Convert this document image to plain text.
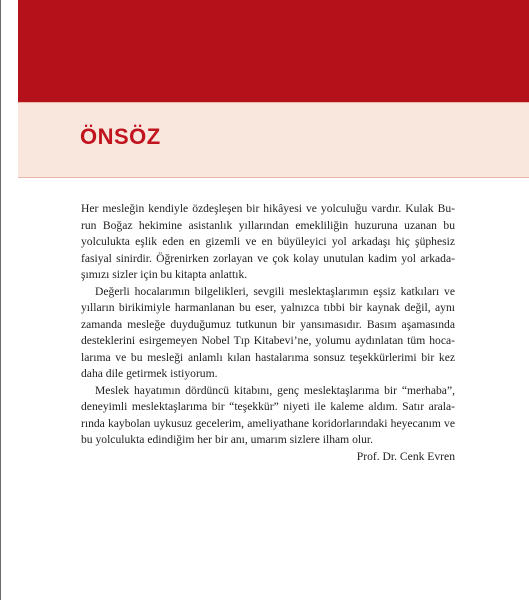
ÖNSÖZ

Her mesleğin kendiyle özdeşleşen bir hikâyesi ve yolculuğu vardır. Kulak Burun Boğaz hekimine asistanlık yıllarından emekliliğin huzuruna uzanan bu yolculukta eşlik eden en gizemli ve en büyüleyici yol arkadaşı hiç şüphesiz fasiyal sinirdir. Öğrenirken zorlayan ve çok kolay unutulan kadim yol arkadaşımızı sizler için bu kitapta anlattık.

Değerli hocalarımın bilgelikleri, sevgili meslektaşlarımın eşsiz katkıları ve yılların birikimiyle harmanlanan bu eser, yalnızca tıbbi bir kaynak değil, aynı zamanda mesleğe duyduğumuz tutkunun bir yansımasıdır. Basım aşamasında desteklerini esirgemeyen Nobel Tıp Kitabevi’ne, yolumu aydınlatan tüm hocalarıma ve bu mesleği anlamlı kılan hastalarıma sonsuz teşekkürlerimi bir kez daha dile getirmek istiyorum.

Meslek hayatımın dördüncü kitabını, genç meslektaşlarıma bir “merhaba”, deneyimli meslektaşlarıma bir “teşekkür” niyeti ile kaleme aldım. Satır aralarında kaybolan uykusuz gecelerim, ameliyathane koridorlarındaki heyecanım ve bu yolculukta edindiğim her bir anı, umarım sizlere ilham olur.

Prof. Dr. Cenk Evren
